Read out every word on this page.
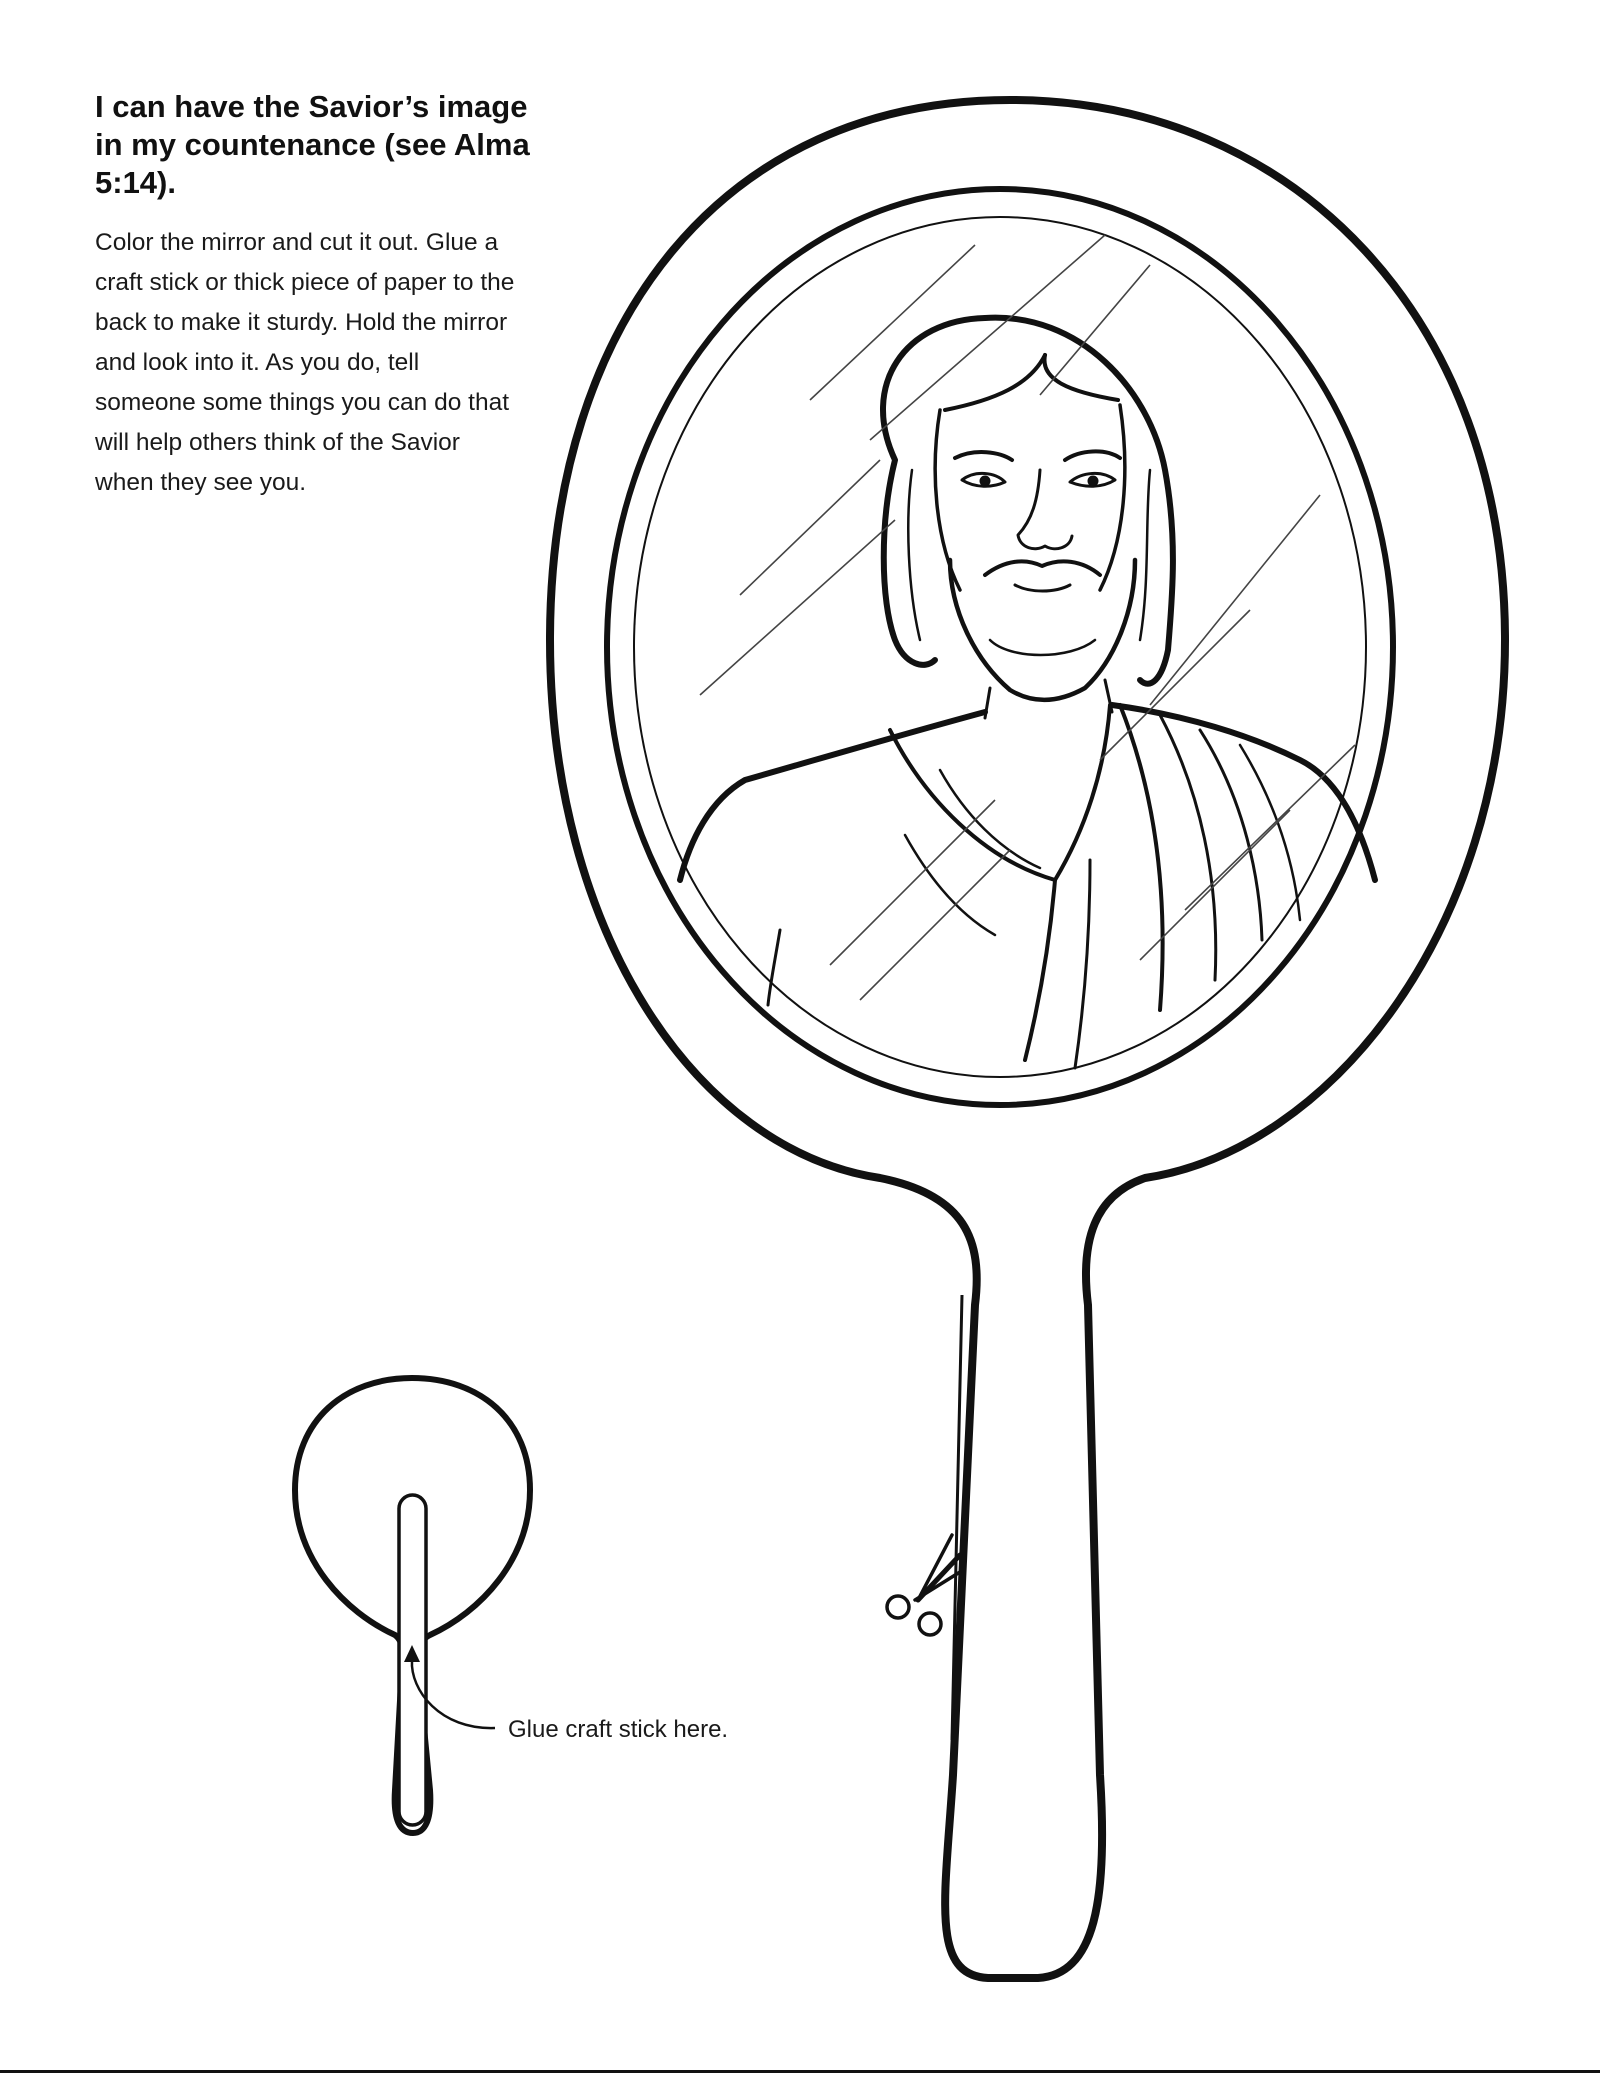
I can have the Savior’s image in my countenance (see Alma 5:14).

Color the mirror and cut it out. Glue a craft stick or thick piece of paper to the back to make it sturdy. Hold the mirror and look into it. As you do, tell someone some things you can do that will help others think of the Savior when they see you.

Glue craft stick here.
